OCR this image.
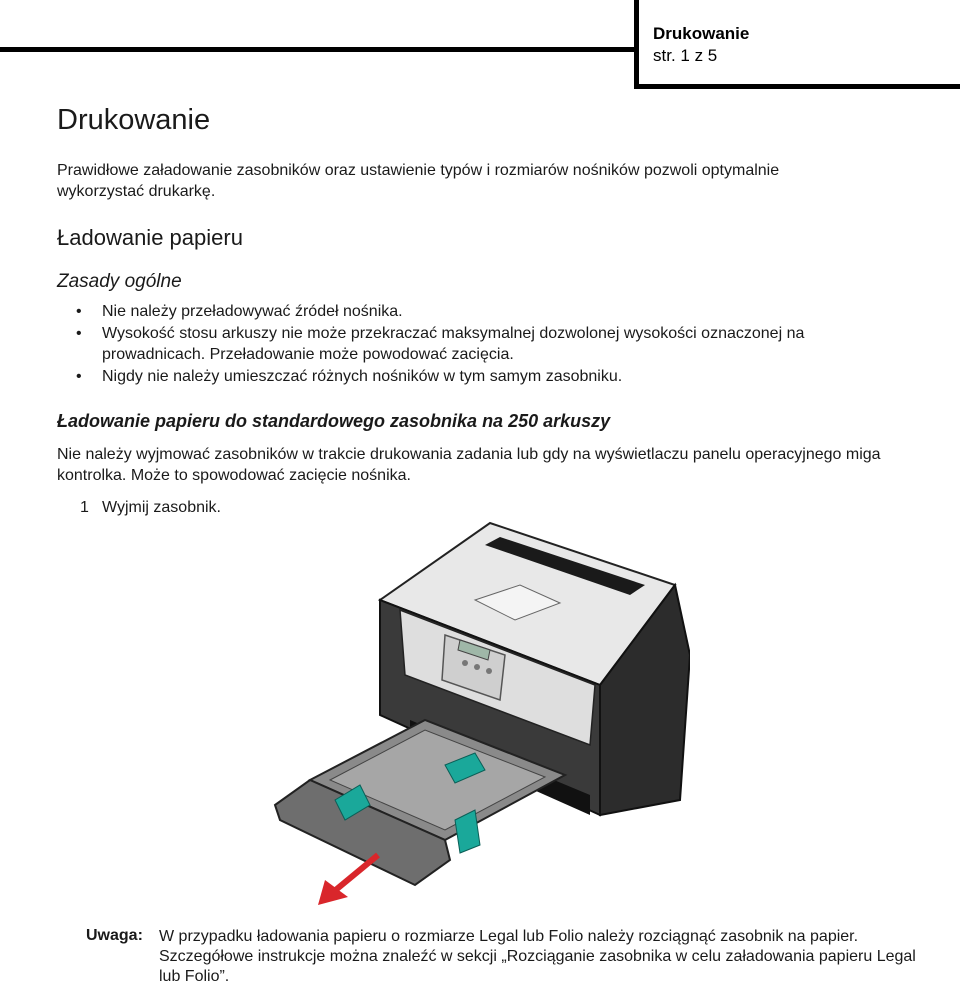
Drukowanie
str. 1 z 5
Drukowanie
Prawidłowe załadowanie zasobników oraz ustawienie typów i rozmiarów nośników pozwoli optymalnie wykorzystać drukarkę.
Ładowanie papieru
Zasady ogólne
• Nie należy przeładowywać źródeł nośnika.
• Wysokość stosu arkuszy nie może przekraczać maksymalnej dozwolonej wysokości oznaczonej na prowadnicach. Przeładowanie może powodować zacięcia.
• Nigdy nie należy umieszczać różnych nośników w tym samym zasobniku.
Ładowanie papieru do standardowego zasobnika na 250 arkuszy
Nie należy wyjmować zasobników w trakcie drukowania zadania lub gdy na wyświetlaczu panelu operacyjnego miga kontrolka. Może to spowodować zacięcie nośnika.
1 Wyjmij zasobnik.
Uwaga: W przypadku ładowania papieru o rozmiarze Legal lub Folio należy rozciągnąć zasobnik na papier. Szczegółowe instrukcje można znaleźć w sekcji „Rozciąganie zasobnika w celu załadowania papieru Legal lub Folio”.
